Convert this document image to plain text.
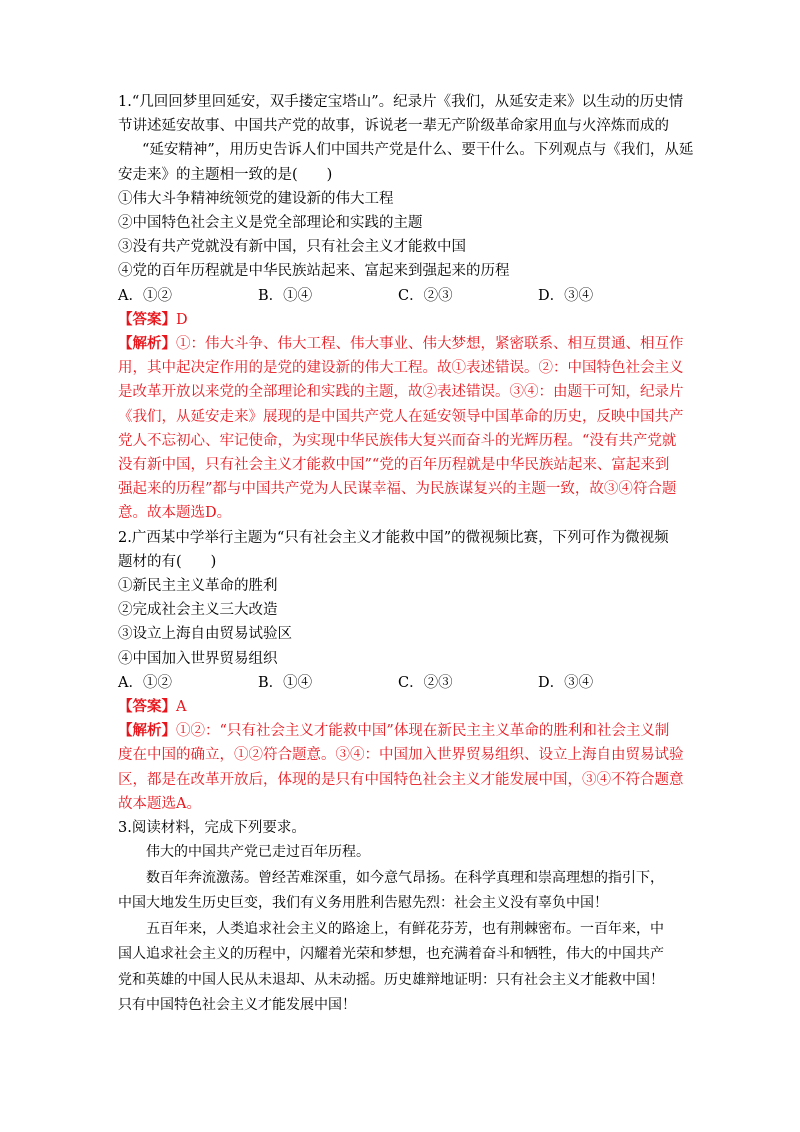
1.“几回回梦里回延安，双手搂定宝塔山”。纪录片《我们，从延安走来》以生动的历史情
节讲述延安故事、中国共产党的故事，诉说老一辈无产阶级革命家用血与火淬炼而成的
“延安精神”，用历史告诉人们中国共产党是什么、要干什么。下列观点与《我们，从延
安走来》的主题相一致的是(　　)
①伟大斗争精神统领党的建设新的伟大工程
②中国特色社会主义是党全部理论和实践的主题
③没有共产党就没有新中国，只有社会主义才能救中国
④党的百年历程就是中华民族站起来、富起来到强起来的历程
A．①②	B．①④	C．②③	D．③④
【答案】D
【解析】①：伟大斗争、伟大工程、伟大事业、伟大梦想，紧密联系、相互贯通、相互作
用，其中起决定作用的是党的建设新的伟大工程。故①表述错误。②：中国特色社会主义
是改革开放以来党的全部理论和实践的主题，故②表述错误。③④：由题干可知，纪录片
《我们，从延安走来》展现的是中国共产党人在延安领导中国革命的历史，反映中国共产
党人不忘初心、牢记使命，为实现中华民族伟大复兴而奋斗的光辉历程。“没有共产党就
没有新中国，只有社会主义才能救中国”“党的百年历程就是中华民族站起来、富起来到
强起来的历程”都与中国共产党为人民谋幸福、为民族谋复兴的主题一致，故③④符合题
意。故本题选D。
2.广西某中学举行主题为“只有社会主义才能救中国”的微视频比赛，下列可作为微视频
题材的有(　　)
①新民主主义革命的胜利
②完成社会主义三大改造
③设立上海自由贸易试验区
④中国加入世界贸易组织
A．①②	B．①④	C．②③	D．③④
【答案】A
【解析】①②：“只有社会主义才能救中国”体现在新民主主义革命的胜利和社会主义制
度在中国的确立，①②符合题意。③④：中国加入世界贸易组织、设立上海自由贸易试验
区，都是在改革开放后，体现的是只有中国特色社会主义才能发展中国，③④不符合题意
故本题选A。
3.阅读材料，完成下列要求。
伟大的中国共产党已走过百年历程。
数百年奔流激荡。曾经苦难深重，如今意气昂扬。在科学真理和崇高理想的指引下，
中国大地发生历史巨变，我们有义务用胜利告慰先烈：社会主义没有辜负中国！
五百年来，人类追求社会主义的路途上，有鲜花芬芳，也有荆棘密布。一百年来，中
国人追求社会主义的历程中，闪耀着光荣和梦想，也充满着奋斗和牺牲，伟大的中国共产
党和英雄的中国人民从未退却、从未动摇。历史雄辩地证明：只有社会主义才能救中国！
只有中国特色社会主义才能发展中国！
